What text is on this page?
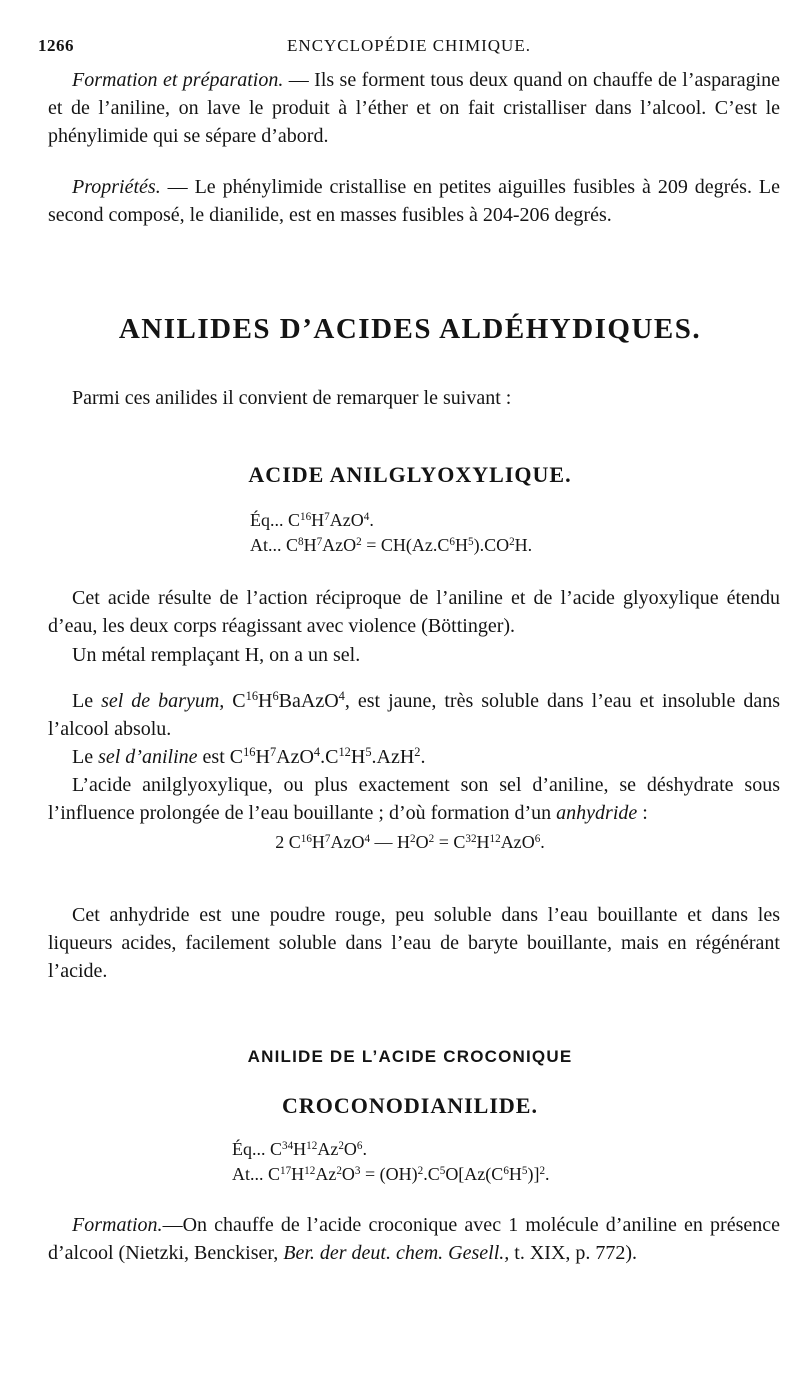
1266	ENCYCLOPÉDIE CHIMIQUE.

Formation et préparation. — Ils se forment tous deux quand on chauffe de l’asparagine et de l’aniline, on lave le produit à l’éther et on fait cristalliser dans l’alcool. C’est le phénylimide qui se sépare d’abord.

Propriétés. — Le phénylimide cristallise en petites aiguilles fusibles à 209 degrés. Le second composé, le dianilide, est en masses fusibles à 204-206 degrés.

ANILIDES D’ACIDES ALDÉHYDIQUES.

Parmi ces anilides il convient de remarquer le suivant :

ACIDE ANILGLYOXYLIQUE.
Éq... $C^{16}H^7AzO^4$.
At... $C^8H^7AzO^2 = CH(Az.C^6H^5).CO^2H$.

Cet acide résulte de l’action réciproque de l’aniline et de l’acide glyoxylique étendu d’eau, les deux corps réagissant avec violence (Böttinger).

Un métal remplaçant H, on a un sel.

Le sel de baryum, $C^{16}H^6BaAzO^4$, est jaune, très soluble dans l’eau et insoluble dans l’alcool absolu.

Le sel d’aniline est $C^{16}H^7AzO^4.C^{12}H^5.AzH^2$.

L’acide anilglyoxylique, ou plus exactement son sel d’aniline, se déshydrate sous l’influence prolongée de l’eau bouillante ; d’où formation d’un anhydride :

2 $C^{16}H^7AzO^4$ — $H^2O^2 = C^{32}H^{12}AzO^6$.

Cet anhydride est une poudre rouge, peu soluble dans l’eau bouillante et dans les liqueurs acides, facilement soluble dans l’eau de baryte bouillante, mais en régénérant l’acide.

ANILIDE DE L’ACIDE CROCONIQUE
CROCONODIANILIDE.
Éq... $C^{34}H^{12}Az^2O^6$.
At... $C^{17}H^{12}Az^2O^3 = (OH)^2.C^5O[Az(C^6H^5)]^2$.

Formation.—On chauffe de l’acide croconique avec 1 molécule d’aniline en présence d’alcool (Nietzki, Benckiser, Ber. der deut. chem. Gesell., t. XIX, p. 772).
